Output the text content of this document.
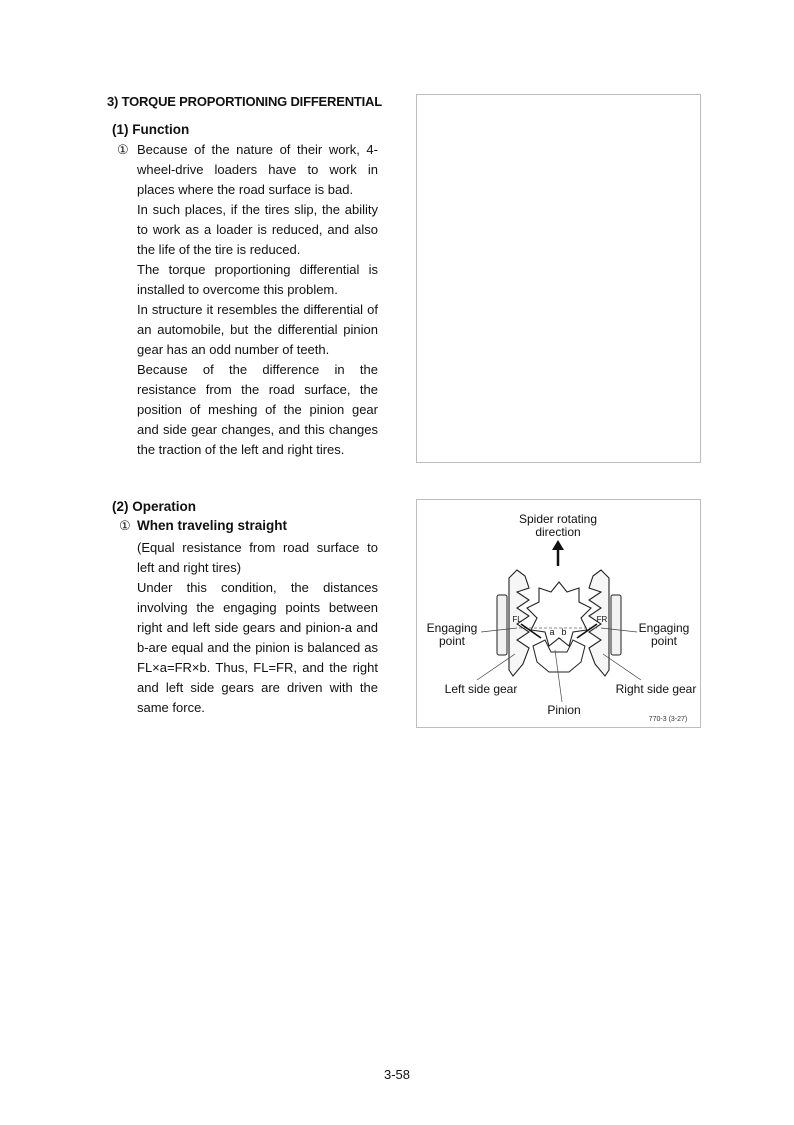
3) TORQUE PROPORTIONING DIFFERENTIAL
(1) Function
① Because of the nature of their work, 4-wheel-drive loaders have to work in places where the road surface is bad.

In such places, if the tires slip, the ability to work as a loader is reduced, and also the life of the tire is reduced.

The torque proportioning differential is installed to overcome this problem.

In structure it resembles the differential of an automobile, but the differential pinion gear has an odd number of teeth.

Because of the difference in the resistance from the road surface, the position of meshing of the pinion gear and side gear changes, and this changes the traction of the left and right tires.

(2) Operation
① When traveling straight

(Equal resistance from road surface to left and right tires)

Under this condition, the distances involving the engaging points between right and left side gears and pinion-a and b-are equal and the pinion is balanced as FL×a=FR×b. Thus, FL=FR, and the right and left side gears are driven with the same force.

Spider rotating
direction
Engaging
point
Engaging
point
Left side gear	Right side gear
Pinion
FL	FR
a b
770-3 (3-27)
3-58
